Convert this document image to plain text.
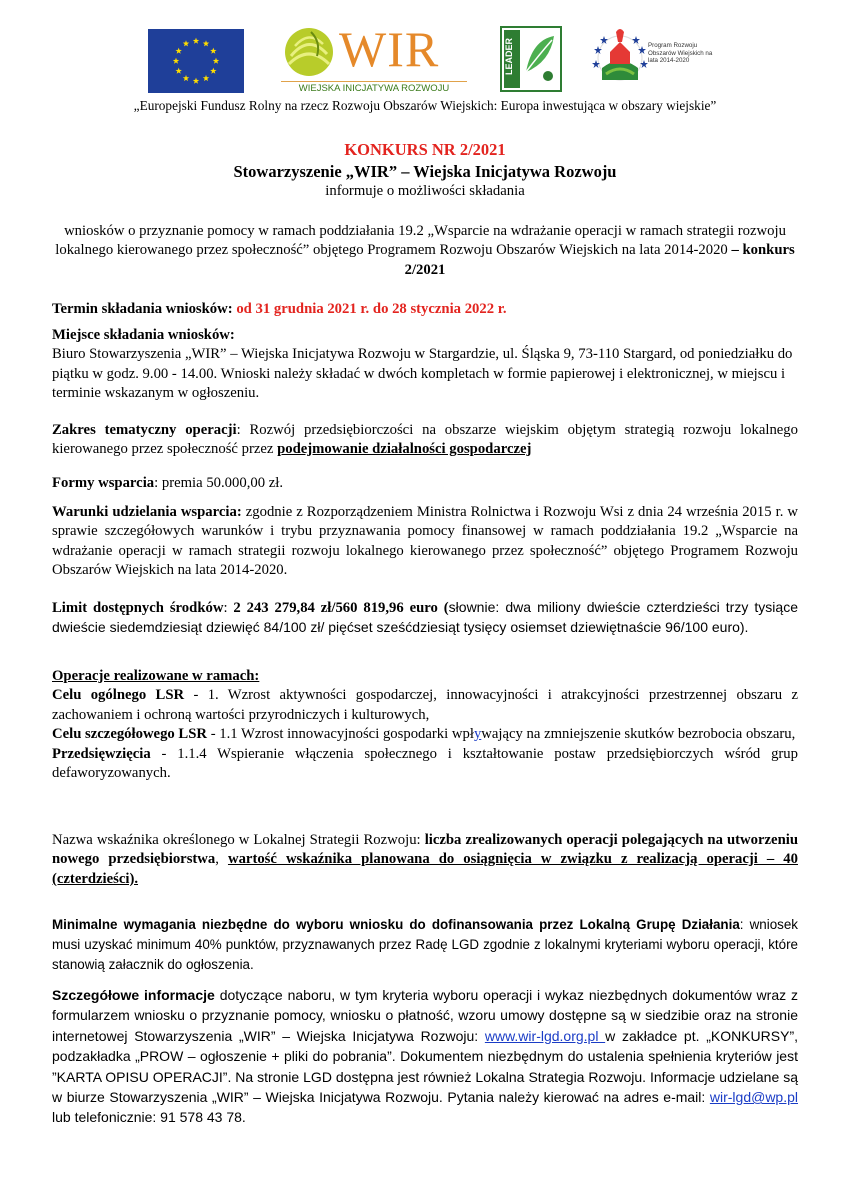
WIR
WIEJSKA INICJATYWA ROZWOJU
LEADER	Program Rozwoju Obszarów Wiejskich na lata 2014-2020
„Europejski Fundusz Rolny na rzecz Rozwoju Obszarów Wiejskich: Europa inwestująca w obszary wiejskie”
KONKURS NR 2/2021
Stowarzyszenie „WIR” – Wiejska Inicjatywa Rozwoju
informuje o możliwości składania
wniosków o przyznanie pomocy w ramach poddziałania 19.2 „Wsparcie na wdrażanie operacji w ramach strategii rozwoju lokalnego kierowanego przez społeczność” objętego Programem Rozwoju Obszarów Wiejskich na lata 2014-2020 – konkurs 2/2021
Termin składania wniosków: od 31 grudnia 2021 r. do 28 stycznia 2022 r.
Miejsce składania wniosków:
Biuro Stowarzyszenia „WIR” – Wiejska Inicjatywa Rozwoju w Stargardzie, ul. Śląska 9, 73-110 Stargard, od poniedziałku do piątku w godz. 9.00 - 14.00. Wnioski należy składać w dwóch kompletach w formie papierowej i elektronicznej, w miejscu i terminie wskazanym w ogłoszeniu.
Zakres tematyczny operacji: Rozwój przedsiębiorczości na obszarze wiejskim objętym strategią rozwoju lokalnego kierowanego przez społeczność przez podejmowanie działalności gospodarczej
Formy wsparcia: premia 50.000,00 zł.
Warunki udzielania wsparcia: zgodnie z Rozporządzeniem Ministra Rolnictwa i Rozwoju Wsi z dnia 24 września 2015 r. w sprawie szczegółowych warunków i trybu przyznawania pomocy finansowej w ramach poddziałania 19.2 „Wsparcie na wdrażanie operacji w ramach strategii rozwoju lokalnego kierowanego przez społeczność” objętego Programem Rozwoju Obszarów Wiejskich na lata 2014-2020.
Limit dostępnych środków: 2 243 279,84 zł/560 819,96 euro (słownie: dwa miliony dwieście czterdzieści trzy tysiące dwieście siedemdziesiąt dziewięć 84/100 zł/ pięćset sześćdziesiąt tysięcy osiemset dziewiętnaście 96/100 euro).
Operacje realizowane w ramach:
Celu ogólnego LSR - 1. Wzrost aktywności gospodarczej, innowacyjności i atrakcyjności przestrzennej obszaru z zachowaniem i ochroną wartości przyrodniczych i kulturowych,
Celu szczegółowego LSR - 1.1 Wzrost innowacyjności gospodarki wpływający na zmniejszenie skutków bezrobocia obszaru,
Przedsięwzięcia - 1.1.4 Wspieranie włączenia społecznego i kształtowanie postaw przedsiębiorczych wśród grup defaworyzowanych.
Nazwa wskaźnika określonego w Lokalnej Strategii Rozwoju: liczba zrealizowanych operacji polegających na utworzeniu nowego przedsiębiorstwa, wartość wskaźnika planowana do osiągnięcia w związku z realizacją operacji – 40 (czterdzieści).
Minimalne wymagania niezbędne do wyboru wniosku do dofinansowania przez Lokalną Grupę Działania: wniosek musi uzyskać minimum 40% punktów, przyznawanych przez Radę LGD zgodnie z lokalnymi kryteriami wyboru operacji, które stanowią załacznik do ogłoszenia.
Szczegółowe informacje dotyczące naboru, w tym kryteria wyboru operacji i wykaz niezbędnych dokumentów wraz z formularzem wniosku o przyznanie pomocy, wniosku o płatność, wzoru umowy dostępne są w siedzibie oraz na stronie internetowej Stowarzyszenia „WIR” – Wiejska Inicjatywa Rozwoju: www.wir-lgd.org.pl w zakładce pt. „KONKURSY”, podzakładka „PROW – ogłoszenie + pliki do pobrania”. Dokumentem niezbędnym do ustalenia spełnienia kryteriów jest ”KARTA OPISU OPERACJI”. Na stronie LGD dostępna jest również Lokalna Strategia Rozwoju. Informacje udzielane są w biurze Stowarzyszenia „WIR” – Wiejska Inicjatywa Rozwoju. Pytania należy kierować na adres e-mail: wir-lgd@wp.pl lub telefonicznie: 91 578 43 78.
